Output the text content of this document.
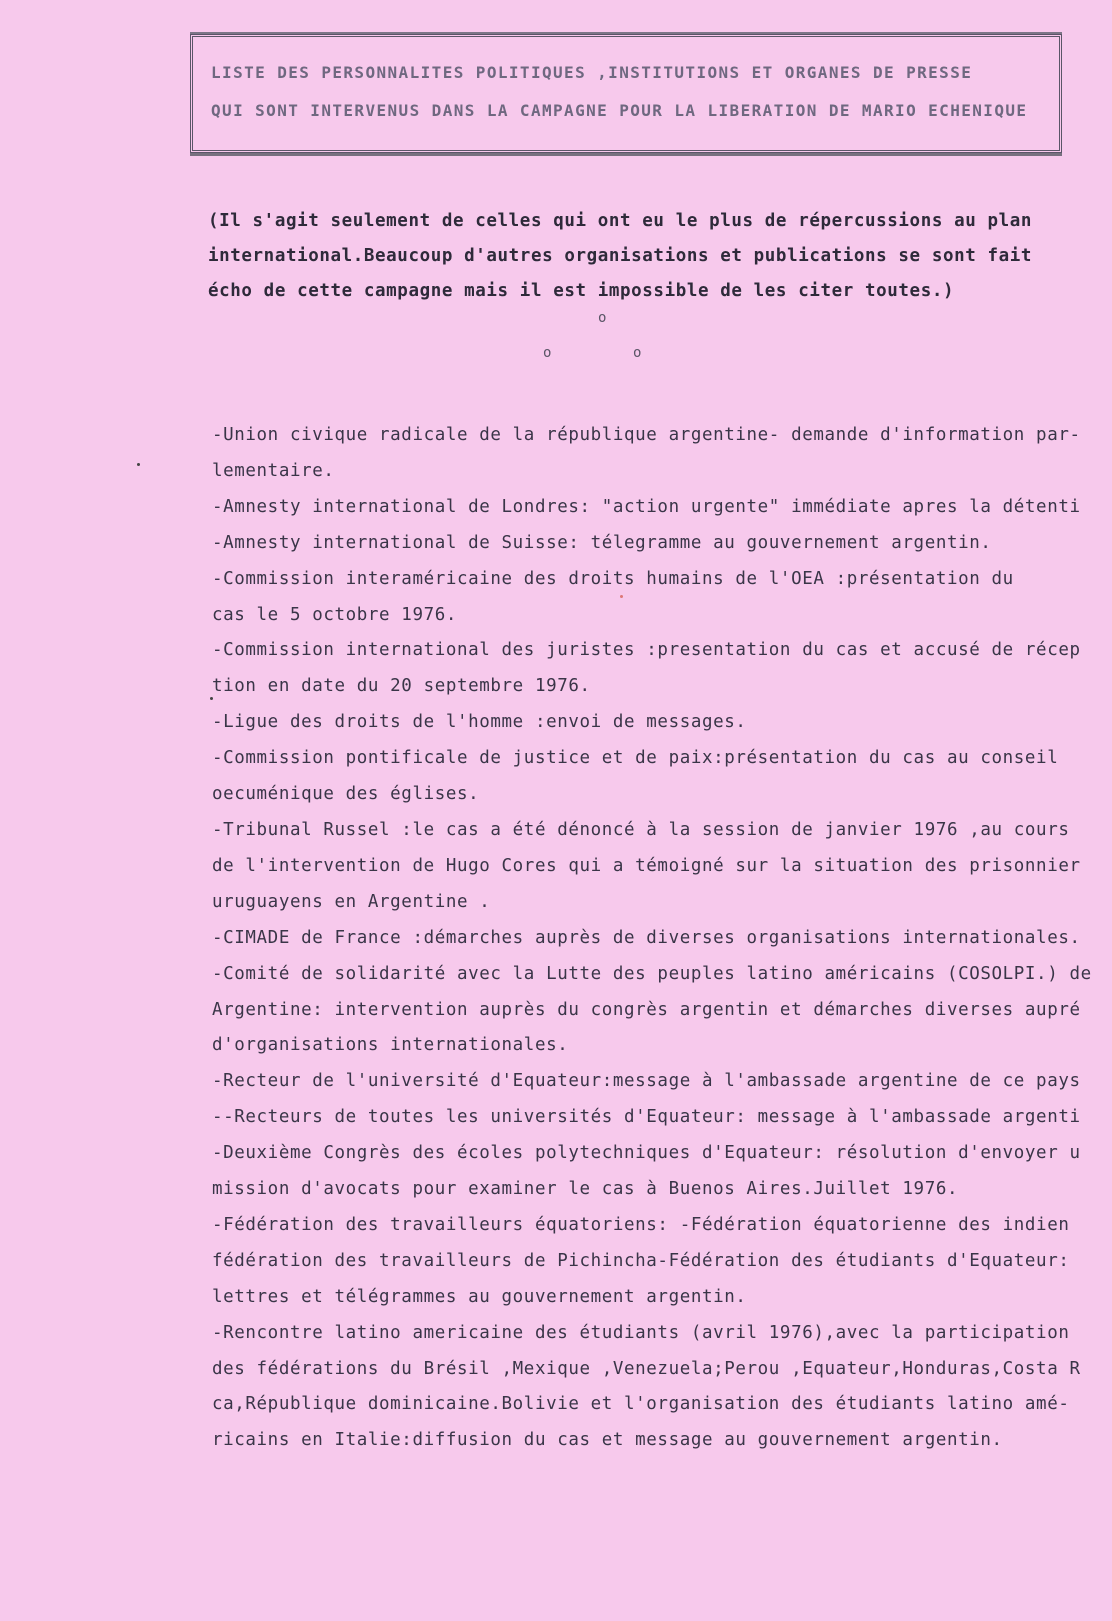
LISTE DES PERSONNALITES POLITIQUES ,INSTITUTIONS ET ORGANES DE PRESSE
QUI SONT INTERVENUS DANS LA CAMPAGNE POUR LA LIBERATION DE MARIO ECHENIQUE

(Il s'agit seulement de celles qui ont eu le plus de répercussions au plan

international.Beaucoup d'autres organisations et publications se sont fait

écho de cette campagne mais il est impossible de les citer toutes.)

o
o	o
-Union civique radicale de la république argentine- demande d'information par-
lementaire.
-Amnesty international de Londres: "action urgente" immédiate apres la détenti
-Amnesty international de Suisse: télegramme au gouvernement argentin.
-Commission interaméricaine des droits humains de l'OEA :présentation du
cas le 5 octobre 1976.
-Commission international des juristes :presentation du cas et accusé de récep
tion en date du 20 septembre 1976.
-Ligue des droits de l'homme :envoi de messages.
-Commission pontificale de justice et de paix:présentation du cas au conseil
oecuménique des églises.
-Tribunal Russel :le cas a été dénoncé à la session de janvier 1976 ,au cours
de l'intervention de Hugo Cores qui a témoigné sur la situation des prisonnier
uruguayens en Argentine .
-CIMADE de France :démarches auprès de diverses organisations internationales.
-Comité de solidarité avec la Lutte des peuples latino américains (COSOLPI.) de
Argentine: intervention auprès du congrès argentin et démarches diverses aupré
d'organisations internationales.
-Recteur de l'université d'Equateur:message à l'ambassade argentine de ce pays
--Recteurs de toutes les universités d'Equateur: message à l'ambassade argenti
-Deuxième Congrès des écoles polytechniques d'Equateur: résolution d'envoyer u
mission d'avocats pour examiner le cas à Buenos Aires.Juillet 1976.
-Fédération des travailleurs équatoriens: -Fédération équatorienne des indien
fédération des travailleurs de Pichincha-Fédération des étudiants d'Equateur:
lettres et télégrammes au gouvernement argentin.
-Rencontre latino americaine des étudiants (avril 1976),avec la participation
des fédérations du Brésil ,Mexique ,Venezuela;Perou ,Equateur,Honduras,Costa R
ca,République dominicaine.Bolivie et l'organisation des étudiants latino amé-
ricains en Italie:diffusion du cas et message au gouvernement argentin.
